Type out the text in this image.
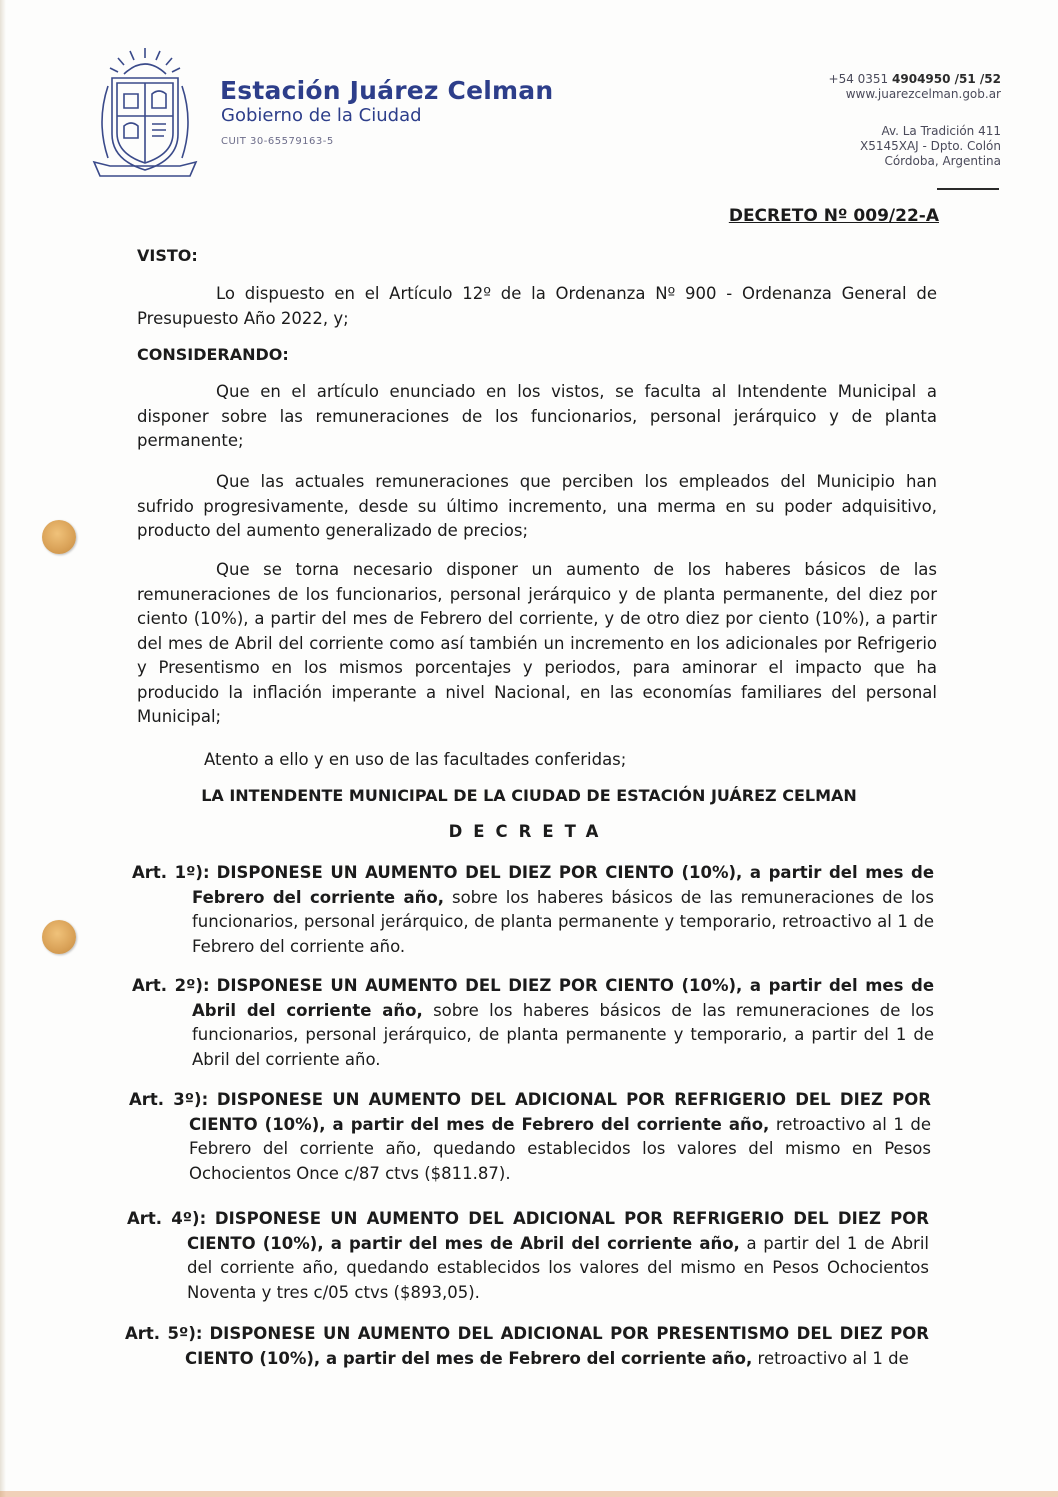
Estación Juárez Celman
Gobierno de la Ciudad
CUIT 30-65579163-5
+54 0351 4904950 /51 /52
www.juarezcelman.gob.ar
Av. La Tradición 411
X5145XAJ - Dpto. Colón
Córdoba, Argentina
DECRETO Nº 009/22-A
VISTO:

Lo dispuesto en el Artículo 12º de la Ordenanza Nº 900 - Ordenanza General de Presupuesto Año 2022, y;

CONSIDERANDO:

Que en el artículo enunciado en los vistos, se faculta al Intendente Municipal a disponer sobre las remuneraciones de los funcionarios, personal jerárquico y de planta permanente;

Que las actuales remuneraciones que perciben los empleados del Municipio han sufrido progresivamente, desde su último incremento, una merma en su poder adquisitivo, producto del aumento generalizado de precios;

Que se torna necesario disponer un aumento de los haberes básicos de las remuneraciones de los funcionarios, personal jerárquico y de planta permanente, del diez por ciento (10%), a partir del mes de Febrero del corriente, y de otro diez por ciento (10%), a partir del mes de Abril del corriente como así también un incremento en los adicionales por Refrigerio y Presentismo en los mismos porcentajes y periodos, para aminorar el impacto que ha producido la inflación imperante a nivel Nacional, en las economías familiares del personal Municipal;

Atento a ello y en uso de las facultades conferidas;
LA INTENDENTE MUNICIPAL DE LA CIUDAD DE ESTACIÓN JUÁREZ CELMAN
DECRETA

Art. 1º): DISPONESE UN AUMENTO DEL DIEZ POR CIENTO (10%), a partir del mes de Febrero del corriente año, sobre los haberes básicos de las remuneraciones de los funcionarios, personal jerárquico, de planta permanente y temporario, retroactivo al 1 de Febrero del corriente año.

Art. 2º): DISPONESE UN AUMENTO DEL DIEZ POR CIENTO (10%), a partir del mes de Abril del corriente año, sobre los haberes básicos de las remuneraciones de los funcionarios, personal jerárquico, de planta permanente y temporario, a partir del 1 de Abril del corriente año.

Art. 3º): DISPONESE UN AUMENTO DEL ADICIONAL POR REFRIGERIO DEL DIEZ POR CIENTO (10%), a partir del mes de Febrero del corriente año, retroactivo al 1 de Febrero del corriente año, quedando establecidos los valores del mismo en Pesos Ochocientos Once c/87 ctvs ($811.87).

Art. 4º): DISPONESE UN AUMENTO DEL ADICIONAL POR REFRIGERIO DEL DIEZ POR CIENTO (10%), a partir del mes de Abril del corriente año, a partir del 1 de Abril del corriente año, quedando establecidos los valores del mismo en Pesos Ochocientos Noventa y tres c/05 ctvs ($893,05).

Art. 5º): DISPONESE UN AUMENTO DEL ADICIONAL POR PRESENTISMO DEL DIEZ POR CIENTO (10%), a partir del mes de Febrero del corriente año, retroactivo al 1 de
